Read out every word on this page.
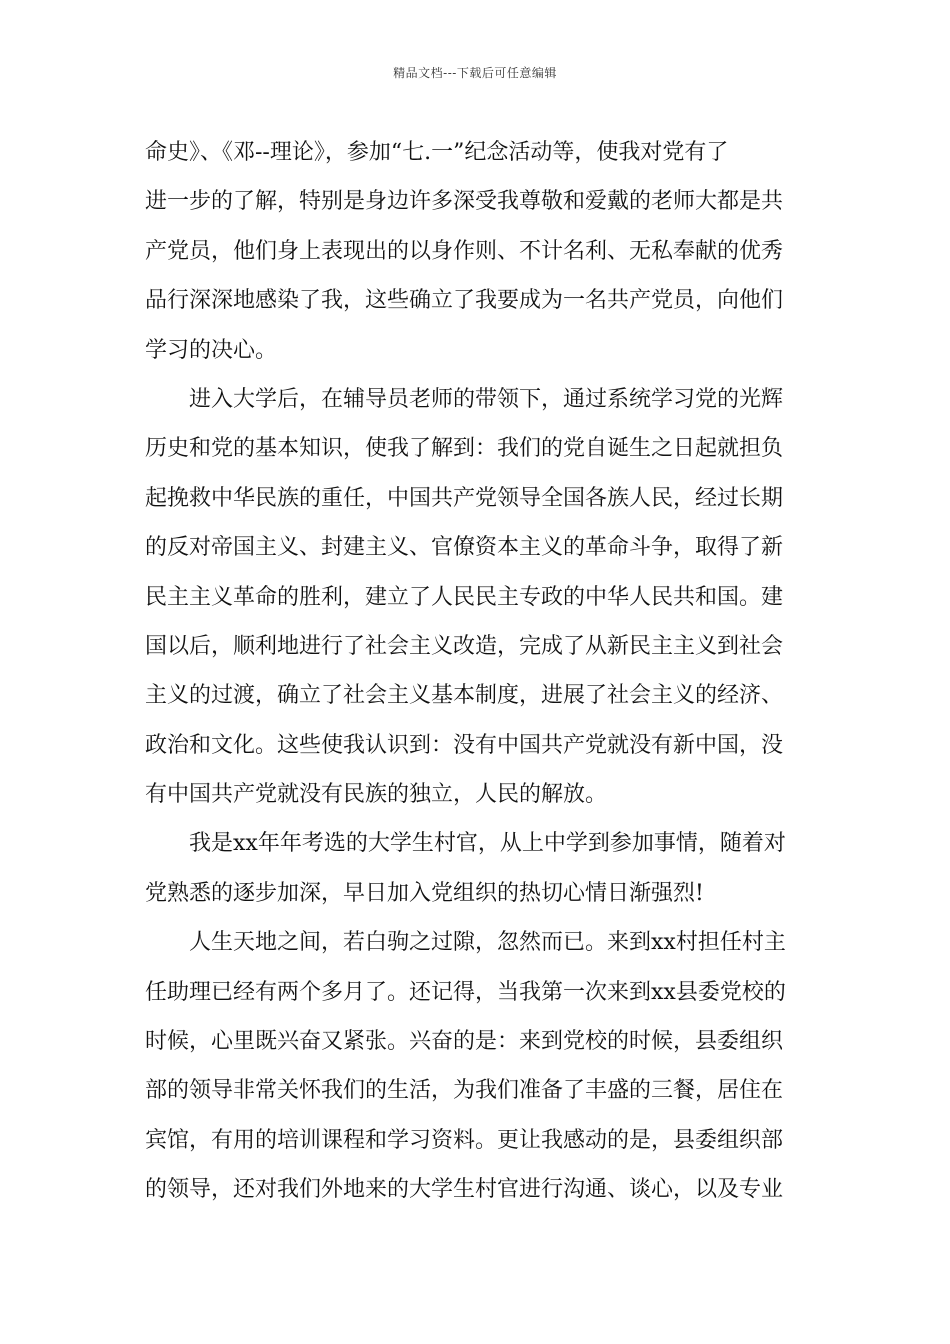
精品文档---下载后可任意编辑
命史》、《邓--理论》，参加“七.一”纪念活动等，使我对党有了
进一步的了解，特别是身边许多深受我尊敬和爱戴的老师大都是共
产党员，他们身上表现出的以身作则、不计名利、无私奉献的优秀
品行深深地感染了我，这些确立了我要成为一名共产党员，向他们
学习的决心。
进入大学后，在辅导员老师的带领下，通过系统学习党的光辉
历史和党的基本知识，使我了解到：我们的党自诞生之日起就担负
起挽救中华民族的重任，中国共产党领导全国各族人民，经过长期
的反对帝国主义、封建主义、官僚资本主义的革命斗争，取得了新
民主主义革命的胜利，建立了人民民主专政的中华人民共和国。建
国以后，顺利地进行了社会主义改造，完成了从新民主主义到社会
主义的过渡，确立了社会主义基本制度，进展了社会主义的经济、
政治和文化。这些使我认识到：没有中国共产党就没有新中国，没
有中国共产党就没有民族的独立，人民的解放。
我是xx年年考选的大学生村官，从上中学到参加事情，随着对
党熟悉的逐步加深，早日加入党组织的热切心情日渐强烈!
人生天地之间，若白驹之过隙，忽然而已。来到xx村担任村主
任助理已经有两个多月了。还记得，当我第一次来到xx县委党校的
时候，心里既兴奋又紧张。兴奋的是：来到党校的时候，县委组织
部的领导非常关怀我们的生活，为我们准备了丰盛的三餐，居住在
宾馆，有用的培训课程和学习资料。更让我感动的是，县委组织部
的领导，还对我们外地来的大学生村官进行沟通、谈心，以及专业
